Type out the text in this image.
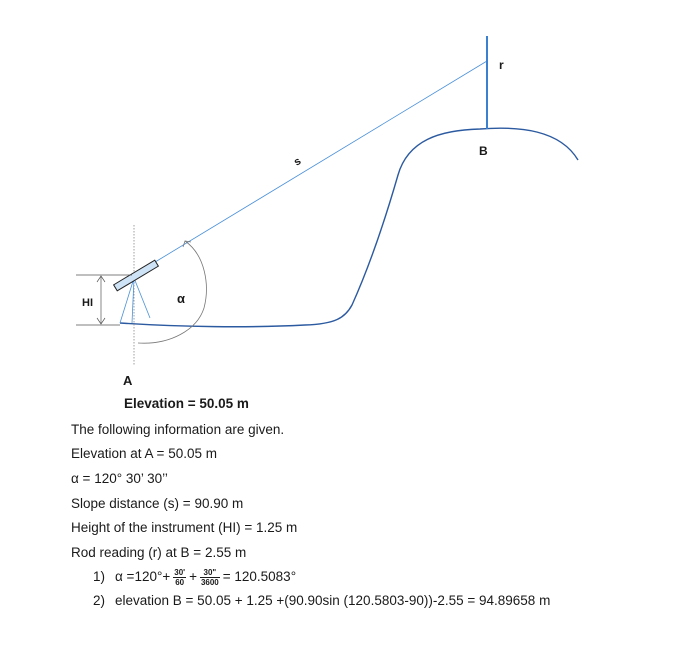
r
B
s
α
HI
A
Elevation = 50.05 m
The following information are given.
Elevation at A = 50.05 m
α = 120° 30’ 30’’
Slope distance (s) = 90.90 m
Height of the instrument (HI) = 1.25 m
Rod reading (r) at B = 2.55 m
1) $\alpha =120^\circ+ \frac{30'}{60} + \frac{30"}{3600} = 120.5083^\circ$
2) elevation B = 50.05 + 1.25 +(90.90sin (120.5803-90))-2.55 = 94.89658 m
